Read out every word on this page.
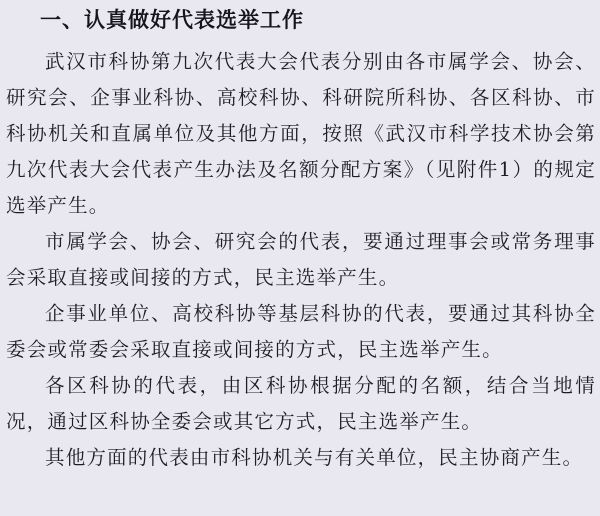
一、认真做好代表选举工作

武汉市科协第九次代表大会代表分别由各市属学会、协会、研究会、企事业科协、高校科协、科研院所科协、各区科协、市科协机关和直属单位及其他方面，按照《武汉市科学技术协会第九次代表大会代表产生办法及名额分配方案》（见附件1）的规定选举产生。

市属学会、协会、研究会的代表，要通过理事会或常务理事会采取直接或间接的方式，民主选举产生。

企事业单位、高校科协等基层科协的代表，要通过其科协全委会或常委会采取直接或间接的方式，民主选举产生。

各区科协的代表，由区科协根据分配的名额，结合当地情况，通过区科协全委会或其它方式，民主选举产生。

其他方面的代表由市科协机关与有关单位，民主协商产生。
